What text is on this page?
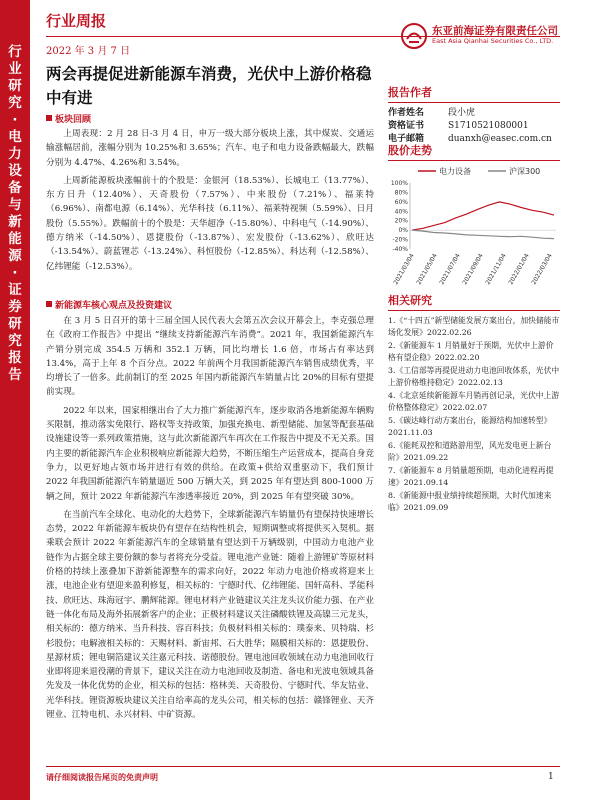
行
业
研
究
·
电
力
设
备
与
新
能
源
·
证
券
研
究
报
告
行业周报
2022 年 3 月 7 日
东亚前海证券有限责任公司
East Asia Qianhai Securities Co., LTD.
两会再提促进新能源车消费，光伏中上游价格稳中有进
板块回顾

上周表现：2 月 28 日-3 月 4 日，申万一级大部分板块上涨，其中煤炭、交通运输涨幅居前，涨幅分别为 10.25%和 3.65%；汽车、电子和电力设备跌幅最大，跌幅分别为 4.47%、4.26%和 3.54%。

上周新能源板块涨幅前十的个股是：金银河（18.53%）、长城电工（13.77%）、东方日升（12.40%）、天奇股份（7.57%）、中来股份（7.21%）、福莱特（6.96%）、南都电源（6.14%）、光华科技（6.11%）、福莱特视频（5.59%）、日月股份（5.55%）。跌幅前十的个股是：天华超净（-15.80%）、中科电气（-14.90%）、德方纳米（-14.50%）、恩捷股份（-13.87%）、宏发股份（-13.62%）、欣旺达（-13.54%）、蔚蓝锂芯（-13.24%）、科恒股份（-12.85%）、科达利（-12.58%）、亿纬锂能（-12.53%）。

新能源车核心观点及投资建议

在 3 月 5 日召开的第十三届全国人民代表大会第五次会议开幕会上，李克强总理在《政府工作报告》中提出 “继续支持新能源汽车消费”。2021 年，我国新能源汽车产销分别完成 354.5 万辆和 352.1 万辆，同比均增长 1.6 倍，市场占有率达到 13.4%，高于上年 8 个百分点。2022 年前两个月我国新能源汽车销售成绩优秀，平均增长了一倍多。此前制订的至 2025 年国内新能源汽车销量占比 20%的目标有望提前实现。

2022 年以来，国家相继出台了大力推广新能源汽车，逐步取消各地新能源车辆购买限制，推动落实免限行、路权等支持政策，加强充换电、新型储能、加氢等配套基础设施建设等一系列政策措施，这与此次新能源汽车再次在工作报告中提及不无关系。国内主要的新能源汽车企业积极响应新能源大趋势，不断压缩生产运营成本，提高自身竞争力，以更好地占领市场并进行有效的供给。在政策+供给双重驱动下，我们预计 2022 年我国新能源汽车销量逼近 500 万辆大关，到 2025 年有望达到 800-1000 万辆之间，预计 2022 年新能源汽车渗透率接近 20%，到 2025 年有望突破 30%。

在当前汽车全球化、电动化的大趋势下，全球新能源汽车销量仍有望保持快速增长态势，2022 年新能源车板块仍有望存在结构性机会，短期调整或将提供买入契机。据乘联会预计 2022 年新能源汽车的全球销量有望达到千万辆级别，中国动力电池产业链作为占据全球主要份额的参与者将充分受益。锂电池产业链：随着上游锂矿等原材料价格的持续上涨叠加下游新能源整车的需求向好，2022 年动力电池价格或将迎来上涨，电池企业有望迎来盈利修复，相关标的：宁德时代、亿纬锂能、国轩高科、孚能科技、欣旺达、珠海冠宇、鹏辉能源。锂电材料产业链建议关注龙头议价能力强、在产业链一体化布局及海外拓展新客户的企业；正极材料建议关注磷酸铁锂及高镍三元龙头，相关标的：德方纳米、当升科技、容百科技；负极材料相关标的：璞泰来、贝特瑞、杉杉股份；电解液相关标的：天赐材料、新宙邦、石大胜华；隔膜相关标的：恩捷股份、星源材质；锂电铜箔建议关注嘉元科技、诺德股份。锂电池回收领域在动力电池回收行业即将迎来退役潮的背景下，建议关注在动力电池回收及制造、备电和光波电领域具备先发及一体化优势的企业，相关标的包括：格林美、天奇股份、宁德时代、华友钴业、光华科技。锂资源板块建议关注自给率高的龙头公司，相关标的包括：赣锋锂业、天齐锂业、江特电机、永兴材料、中矿资源。

报告作者
作者姓名	段小虎
资格证书	S1710521080001
电子邮箱	duanxh@easec.com.cn
股价走势
电力设备	沪深300
100%
80%
60%
40%
20%
0%
-20%
-40%
2021/03/04 2021/05/04 2021/07/04 2021/09/04 2021/11/04 2022/01/04 2022/03/04
相关研究

1.《“十四五”新型储能发展方案出台，加快储能市场化发展》2022.02.26

2.《新能源车 1 月销量好于预期，光伏中上游价格有望企稳》2022.02.20

3.《工信部等再提促进动力电池回收体系，光伏中上游价格维持稳定》2022.02.13

4.《北京延续新能源车月销再创记录，光伏中上游价格整体稳定》2022.02.07

5.《碳达峰行动方案出台，能源结构加速转型》2021.11.03

6.《能耗双控和道路游用型，风光发电更上新台阶》2021.09.22

7.《新能源车 8 月销量超预期，电动化进程再提速》2021.09.14

8.《新能源中报业绩持续超预期，大时代加速来临》2021.09.09

请仔细阅读报告尾页的免责声明	1
